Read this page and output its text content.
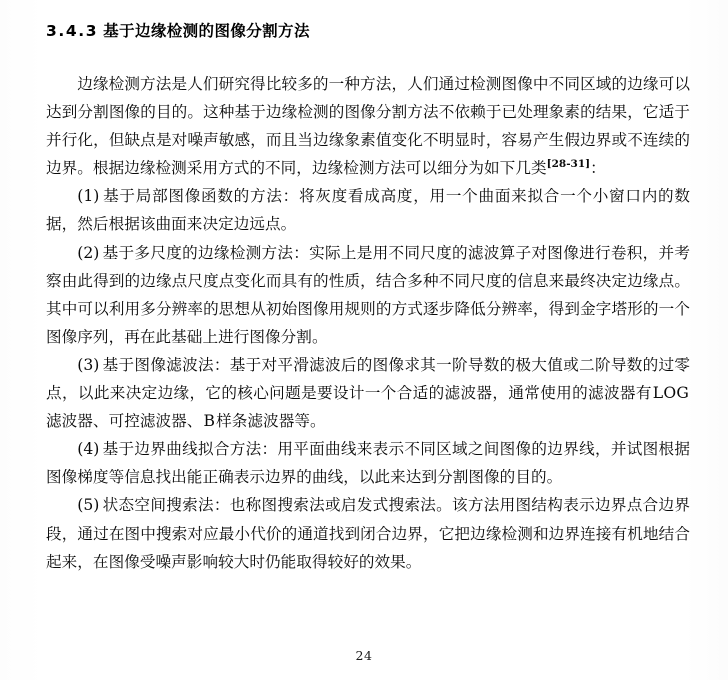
3.4.3 基于边缘检测的图像分割方法

边缘检测方法是人们研究得比较多的一种方法，人们通过检测图像中不同区域的边缘可以达到分割图像的目的。这种基于边缘检测的图像分割方法不依赖于已处理象素的结果，它适于并行化，但缺点是对噪声敏感，而且当边缘象素值变化不明显时，容易产生假边界或不连续的边界。根据边缘检测采用方式的不同，边缘检测方法可以细分为如下几类[28-31]：

(1) 基于局部图像函数的方法：将灰度看成高度，用一个曲面来拟合一个小窗口内的数据，然后根据该曲面来决定边远点。

(2) 基于多尺度的边缘检测方法：实际上是用不同尺度的滤波算子对图像进行卷积，并考察由此得到的边缘点尺度点变化而具有的性质，结合多种不同尺度的信息来最终决定边缘点。其中可以利用多分辨率的思想从初始图像用规则的方式逐步降低分辨率，得到金字塔形的一个图像序列，再在此基础上进行图像分割。

(3) 基于图像滤波法：基于对平滑滤波后的图像求其一阶导数的极大值或二阶导数的过零点，以此来决定边缘，它的核心问题是要设计一个合适的滤波器，通常使用的滤波器有LOG滤波器、可控滤波器、B样条滤波器等。

(4) 基于边界曲线拟合方法：用平面曲线来表示不同区域之间图像的边界线，并试图根据图像梯度等信息找出能正确表示边界的曲线，以此来达到分割图像的目的。

(5) 状态空间搜索法：也称图搜索法或启发式搜索法。该方法用图结构表示边界点合边界段，通过在图中搜索对应最小代价的通道找到闭合边界，它把边缘检测和边界连接有机地结合起来，在图像受噪声影响较大时仍能取得较好的效果。

24
